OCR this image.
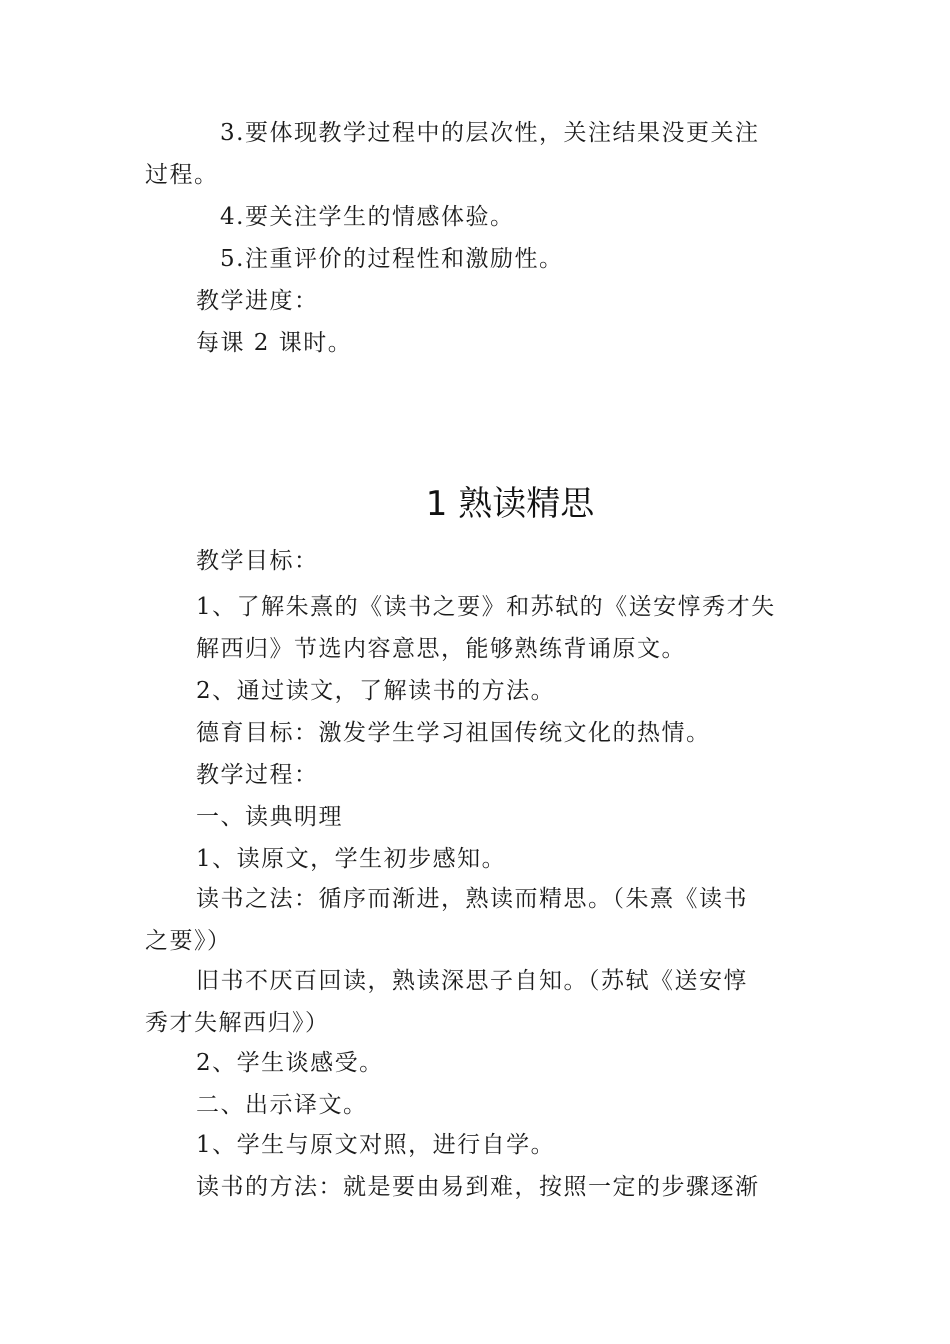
3.要体现教学过程中的层次性，关注结果没更关注
过程。
4.要关注学生的情感体验。
5.注重评价的过程性和激励性。
教学进度：
每课 2 课时。
1 熟读精思
教学目标：
1、了解朱熹的《读书之要》和苏轼的《送安惇秀才失
解西归》节选内容意思，能够熟练背诵原文。
2、通过读文，了解读书的方法。
德育目标：激发学生学习祖国传统文化的热情。
教学过程：
一、读典明理
1、读原文，学生初步感知。
读书之法：循序而渐进，熟读而精思。（朱熹《读书
之要》）
旧书不厌百回读，熟读深思子自知。（苏轼《送安惇
秀才失解西归》）
2、学生谈感受。
二、出示译文。
1、学生与原文对照，进行自学。
读书的方法：就是要由易到难，按照一定的步骤逐渐
